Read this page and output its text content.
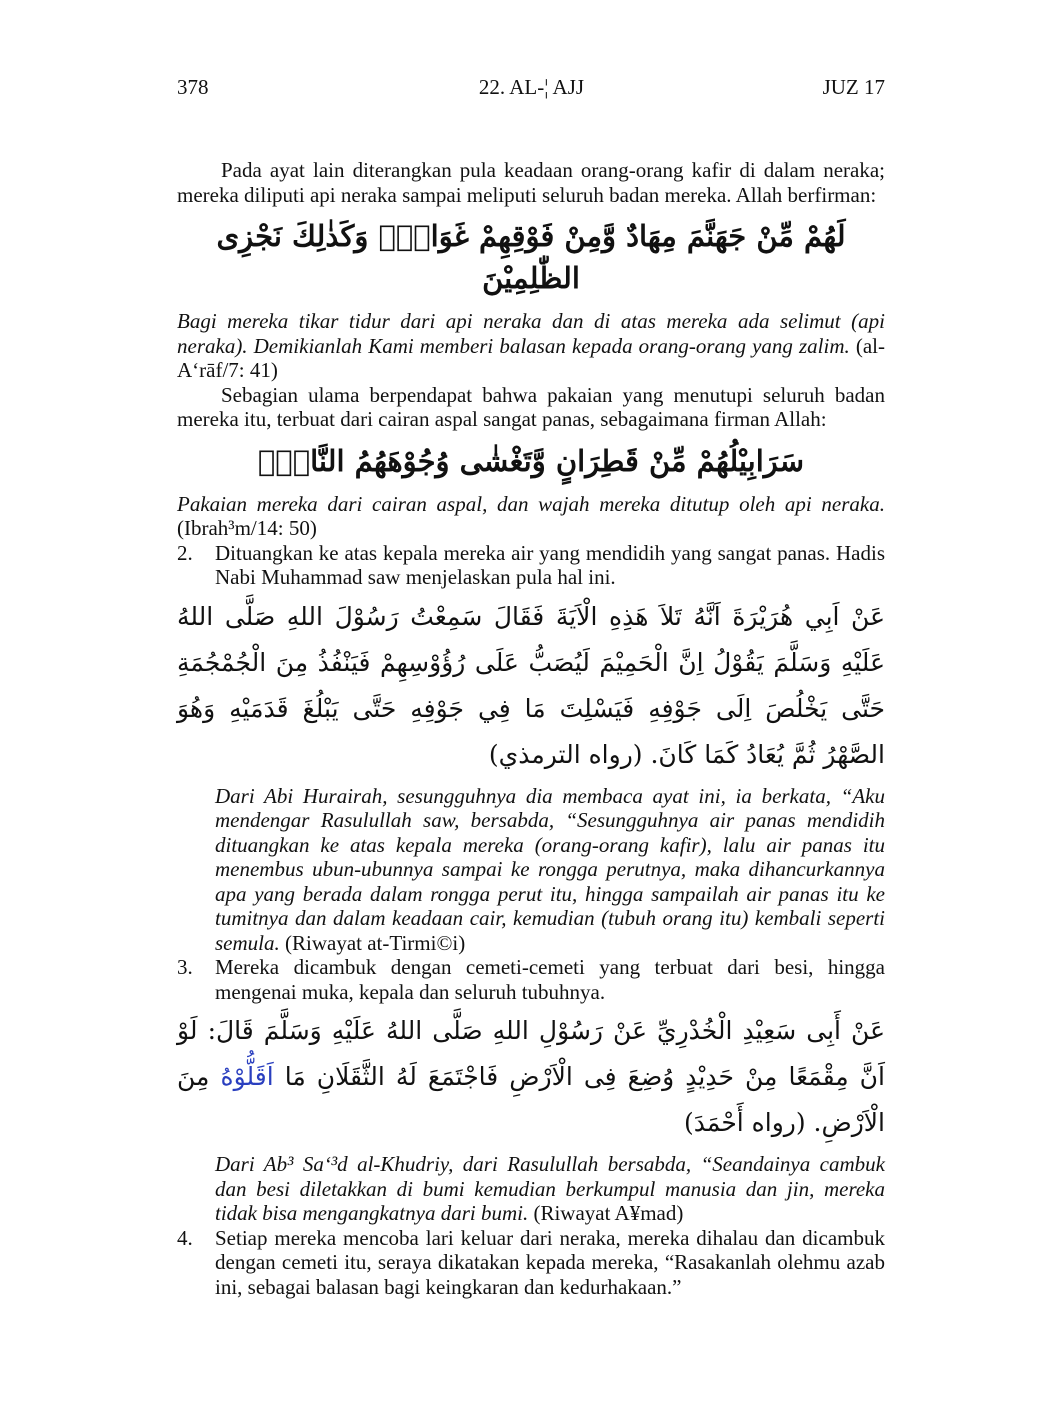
378	22. AL-¦ AJJ	JUZ 17

Pada ayat lain diterangkan pula keadaan orang-orang kafir di dalam neraka; mereka diliputi api neraka sampai meliputi seluruh badan mereka. Allah berfirman:

لَهُمْ مِّنْ جَهَنَّمَ مِهَادٌ وَّمِنْ فَوْقِهِمْ غَوَاشٍۗ وَكَذٰلِكَ نَجْزِى الظّٰلِمِيْنَ

Bagi mereka tikar tidur dari api neraka dan di atas mereka ada selimut (api neraka). Demikianlah Kami memberi balasan kepada orang-orang yang zalim. (al-A‘rāf/7: 41)

Sebagian ulama berpendapat bahwa pakaian yang menutupi seluruh badan mereka itu, terbuat dari cairan aspal sangat panas, sebagaimana firman Allah:

سَرَابِيْلُهُمْ مِّنْ قَطِرَانٍ وَّتَغْشٰى وُجُوْهَهُمُ النَّارُۙ

Pakaian mereka dari cairan aspal, dan wajah mereka ditutup oleh api neraka. (Ibrah³m/14: 50)

2. Dituangkan ke atas kepala mereka air yang mendidih yang sangat panas. Hadis Nabi Muhammad saw menjelaskan pula hal ini.

عَنْ اَبِي هُرَيْرَةَ اَنَّهُ تَلاَ هَذِهِ الْاَيَةَ فَقَالَ سَمِعْتُ رَسُوْلَ اللهِ صَلَّى اللهُ عَلَيْهِ وَسَلَّمَ يَقُوْلُ اِنَّ الْحَمِيْمَ لَيُصَبُّ عَلَى رُؤُوْسِهِمْ فَيَنْفُذُ مِنَ الْجُمْجُمَةِ حَتَّى يَخْلُصَ اِلَى جَوْفِهِ فَيَسْلِتَ مَا فِي جَوْفِهِ حَتَّى يَبْلُغَ قَدَمَيْهِ وَهُوَ الصَّهْرُ ثُمَّ يُعَادُ كَمَا كَانَ. (رواه الترمذي)

Dari Abi Hurairah, sesungguhnya dia membaca ayat ini, ia berkata, “Aku mendengar Rasulullah saw, bersabda, “Sesungguhnya air panas mendidih dituangkan ke atas kepala mereka (orang-orang kafir), lalu air panas itu menembus ubun-ubunnya sampai ke rongga perutnya, maka dihancurkannya apa yang berada dalam rongga perut itu, hingga sampailah air panas itu ke tumitnya dan dalam keadaan cair, kemudian (tubuh orang itu) kembali seperti semula. (Riwayat at-Tirmi©i)

3. Mereka dicambuk dengan cemeti-cemeti yang terbuat dari besi, hingga mengenai muka, kepala dan seluruh tubuhnya.

عَنْ أَبِى سَعِيْدِ الْخُدْرِيِّ عَنْ رَسُوْلِ اللهِ صَلَّى اللهُ عَلَيْهِ وَسَلَّمَ قَالَ: لَوْ اَنَّ مِقْمَعًا مِنْ حَدِيْدٍ وُضِعَ فِى الْاَرْضِ فَاجْتَمَعَ لَهُ الثَّقَلَانِ مَا اَقَلُّوْهُ مِنَ الْاَرْضِ. (رواه أَحْمَدَ)

Dari Ab³ Sa‘³d al-Khudriy, dari Rasulullah bersabda, “Seandainya cambuk dan besi diletakkan di bumi kemudian berkumpul manusia dan jin, mereka tidak bisa mengangkatnya dari bumi. (Riwayat A¥mad)

4. Setiap mereka mencoba lari keluar dari neraka, mereka dihalau dan dicambuk dengan cemeti itu, seraya dikatakan kepada mereka, “Rasakanlah olehmu azab ini, sebagai balasan bagi keingkaran dan kedurhakaan.”
